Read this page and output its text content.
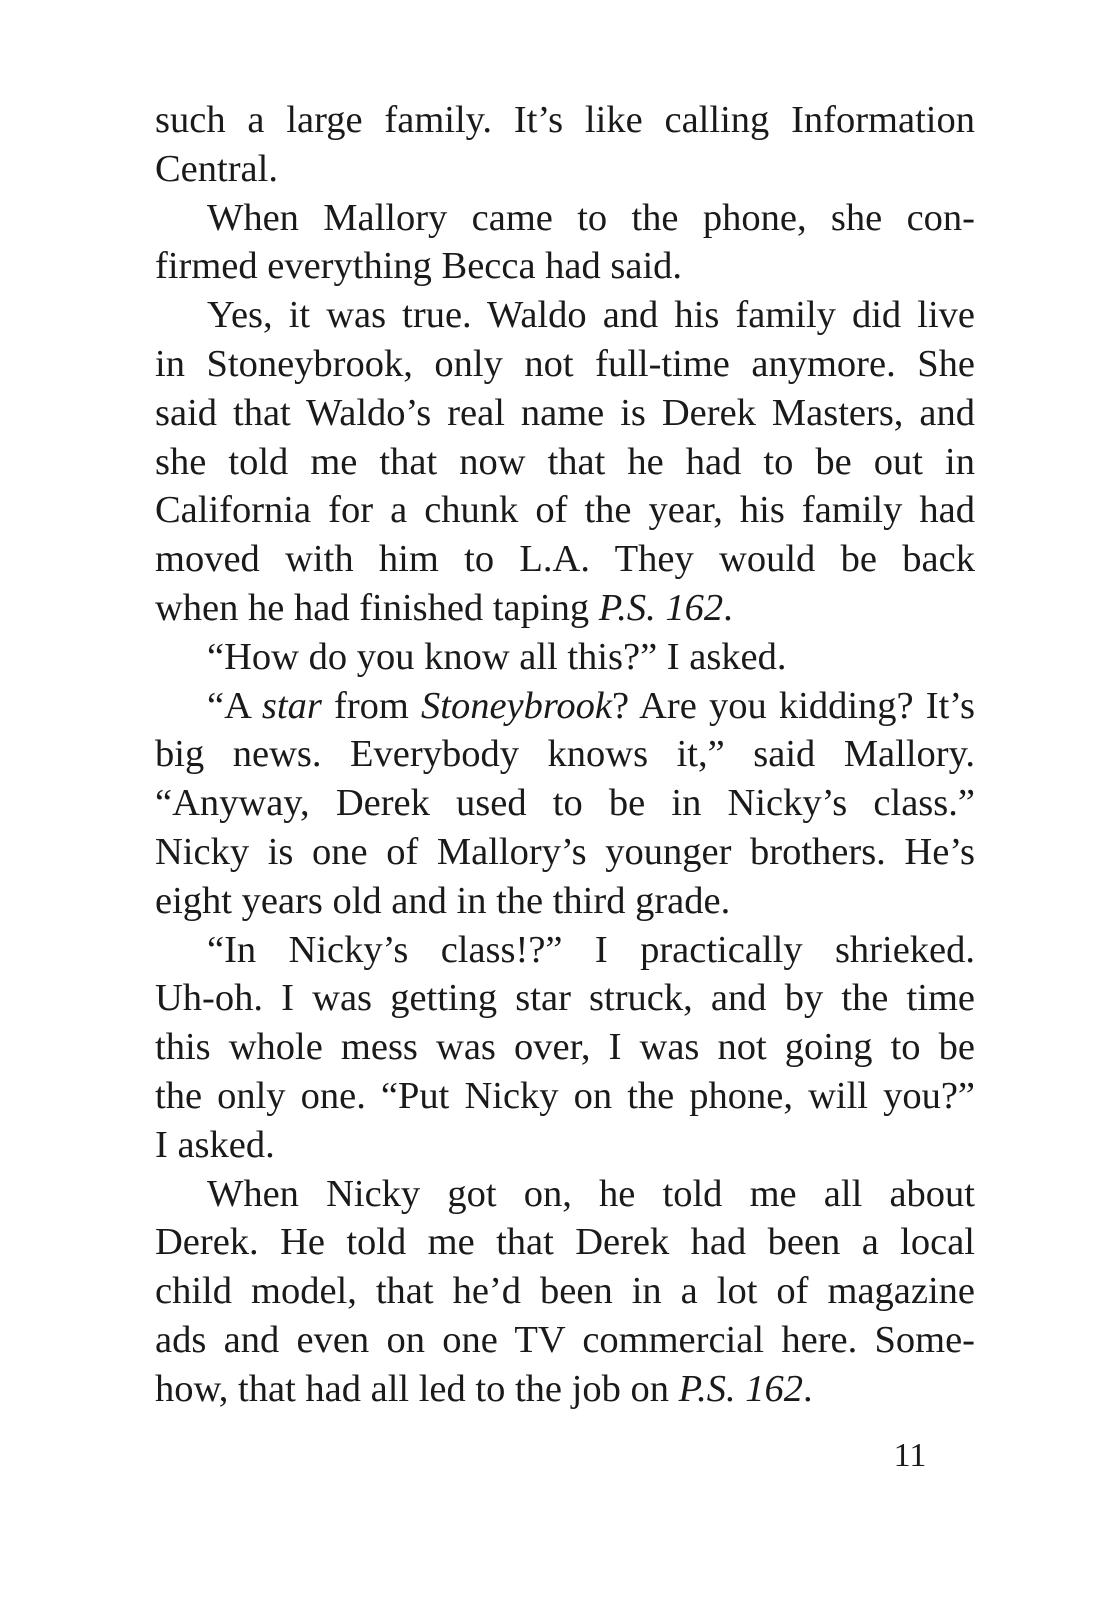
such a large family. It’s like calling Information
Central.
When Mallory came to the phone, she con-
firmed everything Becca had said.
Yes, it was true. Waldo and his family did live
in Stoneybrook, only not full-time anymore. She
said that Waldo’s real name is Derek Masters, and
she told me that now that he had to be out in
California for a chunk of the year, his family had
moved with him to L.A. They would be back
when he had finished taping P.S. 162.
“How do you know all this?” I asked.
“A star from Stoneybrook? Are you kidding? It’s
big news. Everybody knows it,” said Mallory.
“Anyway, Derek used to be in Nicky’s class.”
Nicky is one of Mallory’s younger brothers. He’s
eight years old and in the third grade.
“In Nicky’s class!?” I practically shrieked.
Uh-oh. I was getting star struck, and by the time
this whole mess was over, I was not going to be
the only one. “Put Nicky on the phone, will you?”
I asked.
When Nicky got on, he told me all about
Derek. He told me that Derek had been a local
child model, that he’d been in a lot of magazine
ads and even on one TV commercial here. Some-
how, that had all led to the job on P.S. 162.
11
